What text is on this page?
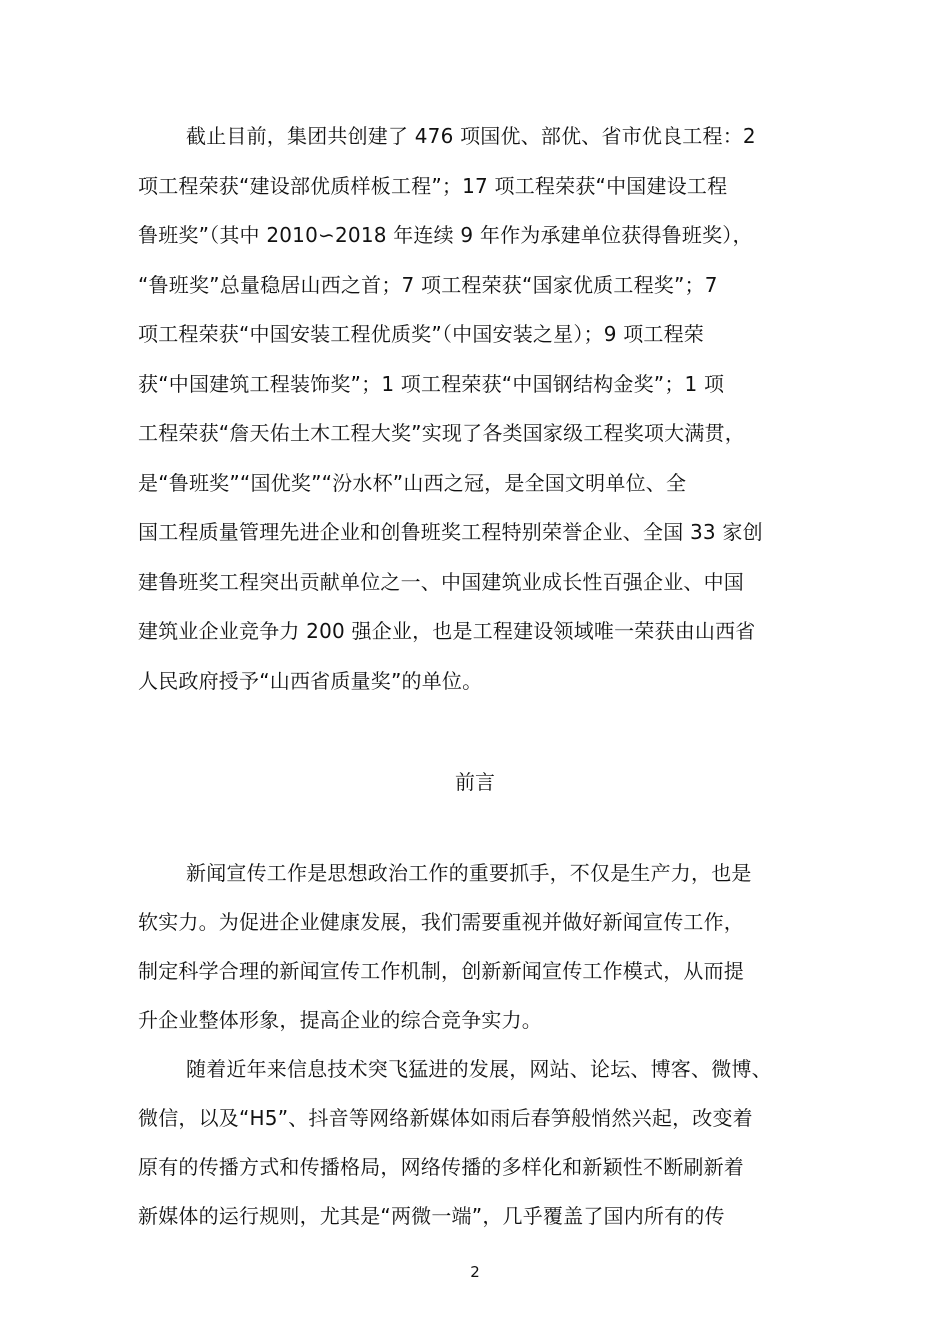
截止目前，集团共创建了 476 项国优、部优、省市优良工程：2
项工程荣获“建设部优质样板工程”；17 项工程荣获“中国建设工程
鲁班奖”（其中 2010∽2018 年连续 9 年作为承建单位获得鲁班奖），
“鲁班奖”总量稳居山西之首；7 项工程荣获“国家优质工程奖”；7
项工程荣获“中国安装工程优质奖”（中国安装之星）；9 项工程荣
获“中国建筑工程装饰奖”；1 项工程荣获“中国钢结构金奖”；1 项
工程荣获“詹天佑土木工程大奖”实现了各类国家级工程奖项大满贯，
是“鲁班奖”“国优奖”“汾水杯”山西之冠，是全国文明单位、全
国工程质量管理先进企业和创鲁班奖工程特别荣誉企业、全国 33 家创
建鲁班奖工程突出贡献单位之一、中国建筑业成长性百强企业、中国
建筑业企业竞争力 200 强企业，也是工程建设领域唯一荣获由山西省
人民政府授予“山西省质量奖”的单位。
前言
新闻宣传工作是思想政治工作的重要抓手，不仅是生产力，也是
软实力。为促进企业健康发展，我们需要重视并做好新闻宣传工作，
制定科学合理的新闻宣传工作机制，创新新闻宣传工作模式，从而提
升企业整体形象，提高企业的综合竞争实力。
随着近年来信息技术突飞猛进的发展，网站、论坛、博客、微博、
微信，以及“H5”、抖音等网络新媒体如雨后春笋般悄然兴起，改变着
原有的传播方式和传播格局，网络传播的多样化和新颖性不断刷新着
新媒体的运行规则，尤其是“两微一端”，几乎覆盖了国内所有的传
2
